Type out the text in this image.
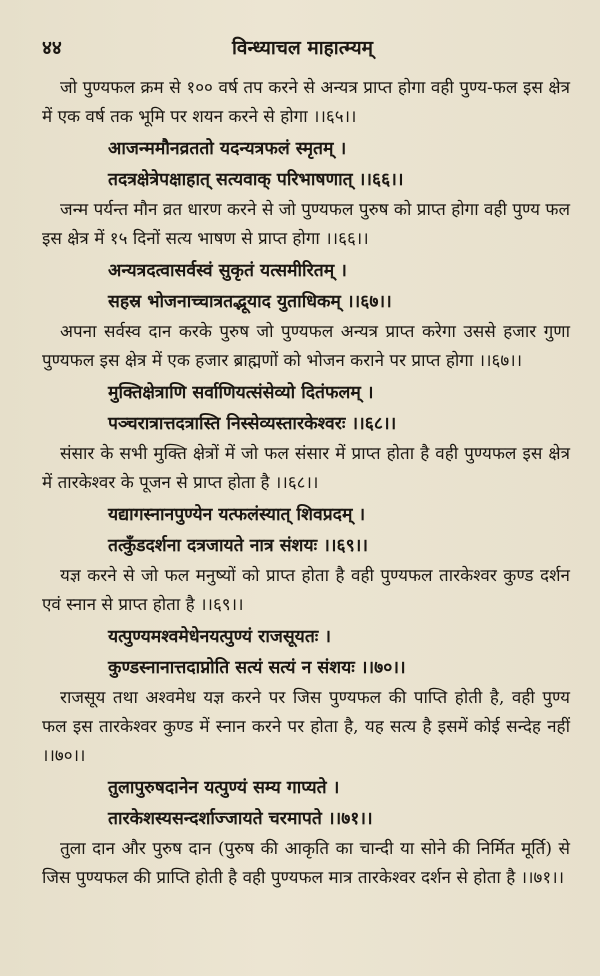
४४	विन्ध्याचल माहात्म्यम्

जो पुण्यफल क्रम से १०० वर्ष तप करने से अन्यत्र प्राप्त होगा वही पुण्य-फल इस क्षेत्र में एक वर्ष तक भूमि पर शयन करने से होगा ।।६५।।

आजन्ममौनव्रततो यदन्यत्रफलं स्मृतम् ।
तदत्रक्षेत्रेपक्षाहात् सत्यवाक् परिभाषणात् ।।६६।।

जन्म पर्यन्त मौन व्रत धारण करने से जो पुण्यफल पुरुष को प्राप्त होगा वही पुण्य फल इस क्षेत्र में १५ दिनों सत्य भाषण से प्राप्त होगा ।।६६।।

अन्यत्रदत्वासर्वस्वं सुकृतं यत्समीरितम् ।
सहस्र भोजनाच्चात्रतद्भूयाद युताधिकम् ।।६७।।

अपना सर्वस्व दान करके पुरुष जो पुण्यफल अन्यत्र प्राप्त करेगा उससे हजार गुणा पुण्यफल इस क्षेत्र में एक हजार ब्राह्मणों को भोजन कराने पर प्राप्त होगा ।।६७।।

मुक्तिक्षेत्राणि सर्वाणियत्संसेव्यो दितंफलम् ।
पञ्चरात्रात्तदत्रास्ति निस्सेव्यस्तारकेश्वरः ।।६८।।

संसार के सभी मुक्ति क्षेत्रों में जो फल संसार में प्राप्त होता है वही पुण्यफल इस क्षेत्र में तारकेश्वर के पूजन से प्राप्त होता है ।।६८।।

यद्यागस्नानपुण्येन यत्फलंस्यात् शिवप्रदम् ।
तत्कुँडदर्शना दत्रजायते नात्र संशयः ।।६९।।

यज्ञ करने से जो फल मनुष्यों को प्राप्त होता है वही पुण्यफल तारकेश्वर कुण्ड दर्शन एवं स्नान से प्राप्त होता है ।।६९।।

यत्पुण्यमश्वमेधेनयत्पुण्यं राजसूयतः ।
कुण्डस्नानात्तदाप्नोति सत्यं सत्यं न संशयः ।।७०।।

राजसूय तथा अश्वमेध यज्ञ करने पर जिस पुण्यफल की पाप्ति होती है, वही पुण्य फल इस तारकेश्वर कुण्ड में स्नान करने पर होता है, यह सत्य है इसमें कोई सन्देह नहीं ।।७०।।

तुलापुरुषदानेन यत्पुण्यं सम्य गाप्यते ।
तारकेशस्यसन्दर्शाज्जायते चरमापते ।।७१।।

तुला दान और पुरुष दान (पुरुष की आकृति का चान्दी या सोने की निर्मित मूर्ति) से जिस पुण्यफल की प्राप्ति होती है वही पुण्यफल मात्र तारकेश्वर दर्शन से होता है ।।७१।।
